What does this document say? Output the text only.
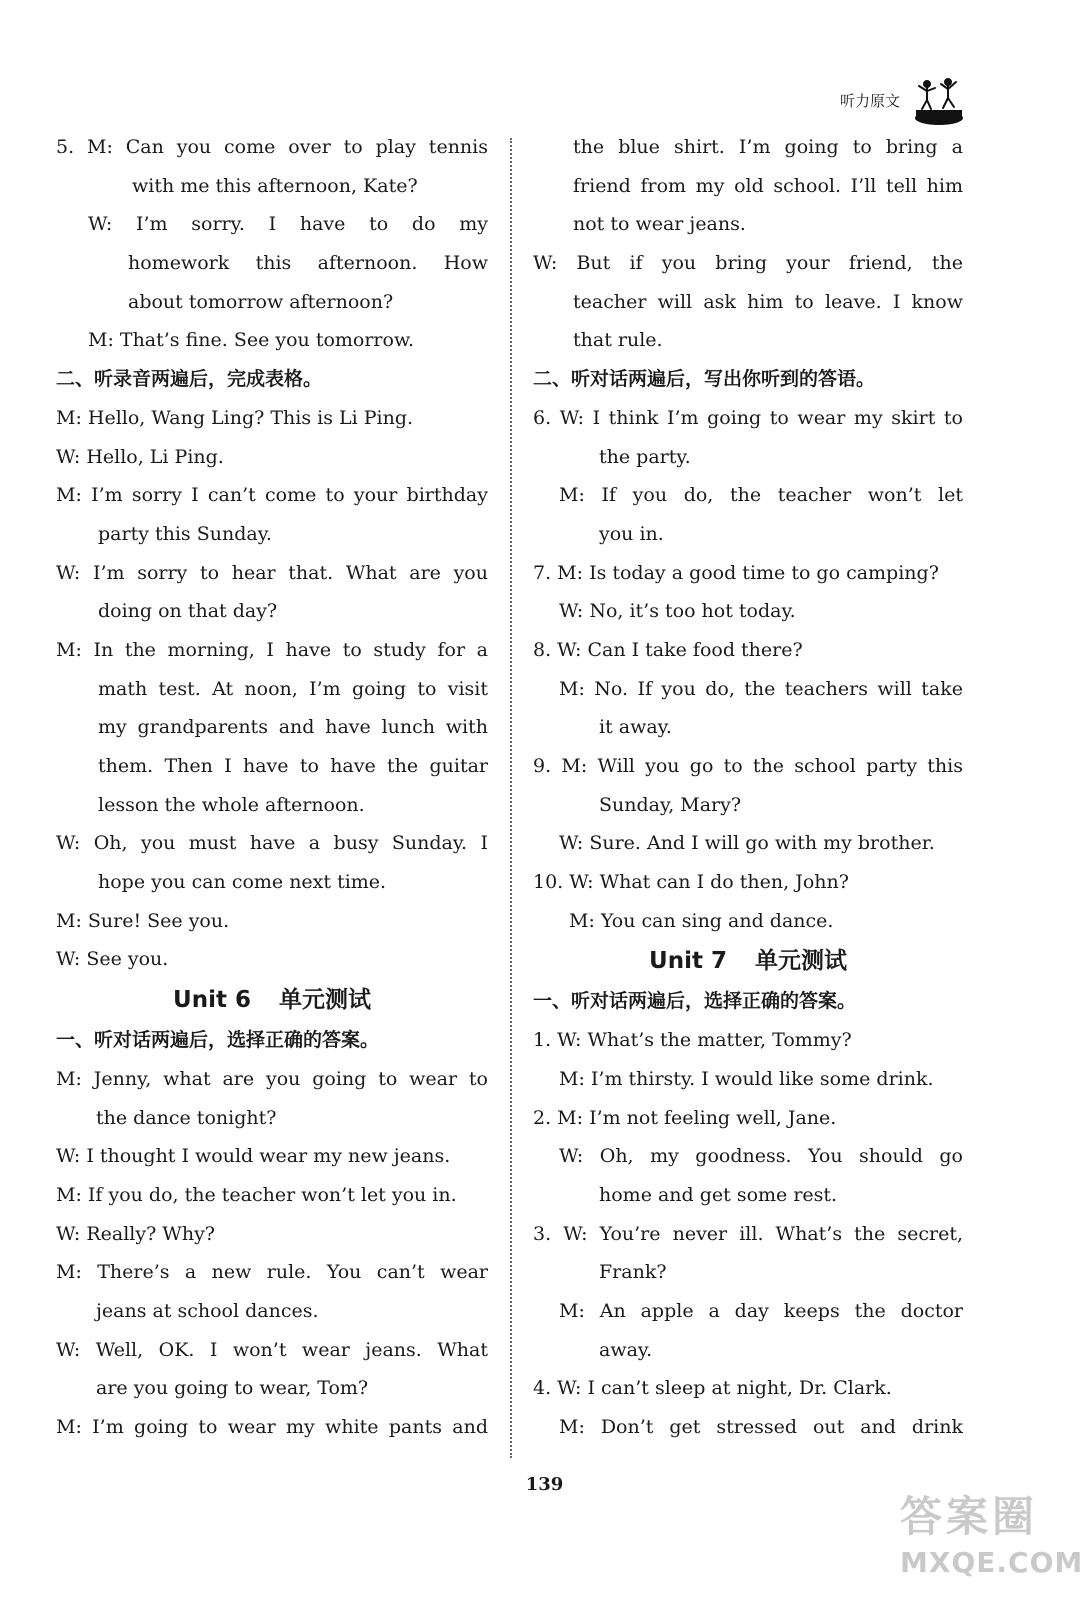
听力原文
5. M: Can you come over to play tennis
with me this afternoon, Kate?
W: I’m sorry. I have to do my
homework this afternoon. How
about tomorrow afternoon?
M: That’s fine. See you tomorrow.
二、听录音两遍后，完成表格。
M: Hello, Wang Ling? This is Li Ping.
W: Hello, Li Ping.
M: I’m sorry I can’t come to your birthday
party this Sunday.
W: I’m sorry to hear that. What are you
doing on that day?
M: In the morning, I have to study for a
math test. At noon, I’m going to visit
my grandparents and have lunch with
them. Then I have to have the guitar
lesson the whole afternoon.
W: Oh, you must have a busy Sunday. I
hope you can come next time.
M: Sure! See you.
W: See you.
Unit 6 单元测试
一、听对话两遍后，选择正确的答案。
M: Jenny, what are you going to wear to
the dance tonight?
W: I thought I would wear my new jeans.
M: If you do, the teacher won’t let you in.
W: Really? Why?
M: There’s a new rule. You can’t wear
jeans at school dances.
W: Well, OK. I won’t wear jeans. What
are you going to wear, Tom?
M: I’m going to wear my white pants and
the blue shirt. I’m going to bring a
friend from my old school. I’ll tell him
not to wear jeans.
W: But if you bring your friend, the
teacher will ask him to leave. I know
that rule.
二、听对话两遍后，写出你听到的答语。
6. W: I think I’m going to wear my skirt to
the party.
M: If you do, the teacher won’t let
you in.
7. M: Is today a good time to go camping?
W: No, it’s too hot today.
8. W: Can I take food there?
M: No. If you do, the teachers will take
it away.
9. M: Will you go to the school party this
Sunday, Mary?
W: Sure. And I will go with my brother.
10. W: What can I do then, John?
M: You can sing and dance.
Unit 7 单元测试
一、听对话两遍后，选择正确的答案。
1. W: What’s the matter, Tommy?
M: I’m thirsty. I would like some drink.
2. M: I’m not feeling well, Jane.
W: Oh, my goodness. You should go
home and get some rest.
3. W: You’re never ill. What’s the secret,
Frank?
M: An apple a day keeps the doctor
away.
4. W: I can’t sleep at night, Dr. Clark.
M: Don’t get stressed out and drink
139
答案圈
MXQE.COM
